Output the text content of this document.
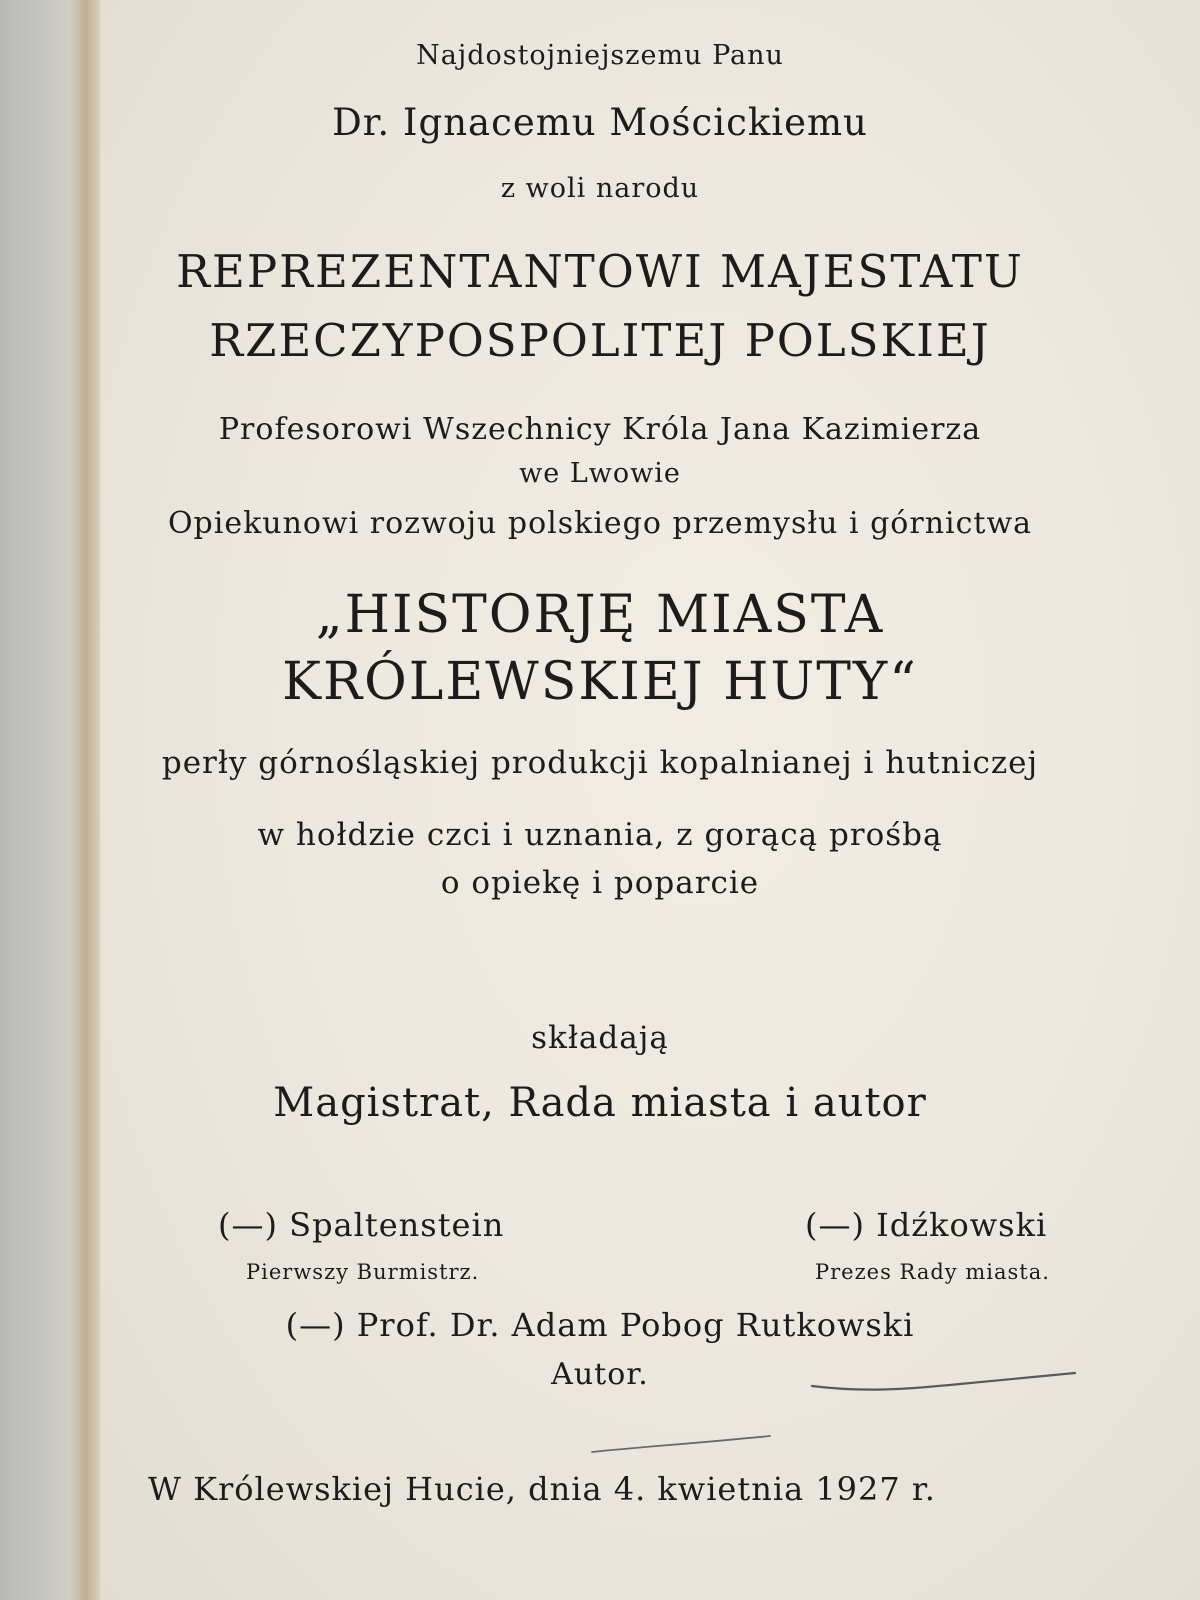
Najdostojniejszemu Panu
Dr. Ignacemu Mościckiemu
z woli narodu
REPREZENTANTOWI MAJESTATU
RZECZYPOSPOLITEJ POLSKIEJ
Profesorowi Wszechnicy Króla Jana Kazimierza
we Lwowie
Opiekunowi rozwoju polskiego przemysłu i górnictwa
„HISTORJĘ MIASTA
KRÓLEWSKIEJ HUTY“
perły górnośląskiej produkcji kopalnianej i hutniczej
w hołdzie czci i uznania, z gorącą prośbą
o opiekę i poparcie
składają
Magistrat, Rada miasta i autor
(—) Spaltenstein
Pierwszy Burmistrz.
(—) Idźkowski
Prezes Rady miasta.
(—) Prof. Dr. Adam Pobog Rutkowski
Autor.
W Królewskiej Hucie, dnia 4. kwietnia 1927 r.
